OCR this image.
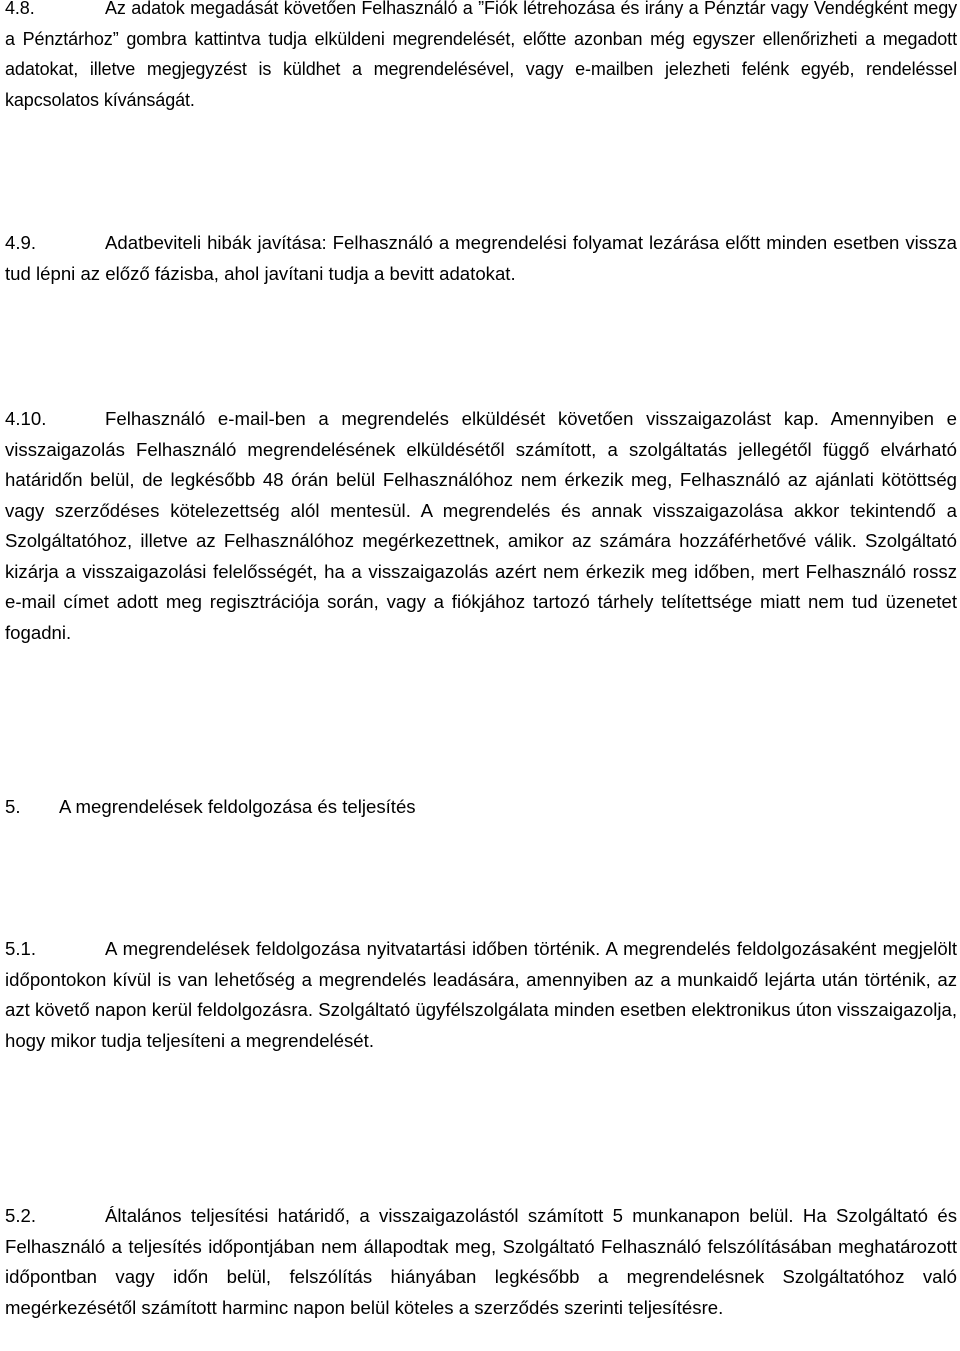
4.8.	Az adatok megadását követően Felhasználó a ”Fiók létrehozása és irány a Pénztár vagy Vendégként megy a Pénztárhoz” gombra kattintva tudja elküldeni megrendelését, előtte azonban még egyszer ellenőrizheti a megadott adatokat, illetve megjegyzést is küldhet a megrendelésével, vagy e-mailben jelezheti felénk egyéb, rendeléssel kapcsolatos kívánságát.

4.9.	Adatbeviteli hibák javítása: Felhasználó a megrendelési folyamat lezárása előtt minden esetben vissza tud lépni az előző fázisba, ahol javítani tudja a bevitt adatokat.

4.10.	Felhasználó e-mail-ben a megrendelés elküldését követően visszaigazolást kap. Amennyiben e visszaigazolás Felhasználó megrendelésének elküldésétől számított, a szolgáltatás jellegétől függő elvárható határidőn belül, de legkésőbb 48 órán belül Felhasználóhoz nem érkezik meg, Felhasználó az ajánlati kötöttség vagy szerződéses kötelezettség alól mentesül. A megrendelés és annak visszaigazolása akkor tekintendő a Szolgáltatóhoz, illetve az Felhasználóhoz megérkezettnek, amikor az számára hozzáférhetővé válik. Szolgáltató kizárja a visszaigazolási felelősségét, ha a visszaigazolás azért nem érkezik meg időben, mert Felhasználó rossz e-mail címet adott meg regisztrációja során, vagy a fiókjához tartozó tárhely telítettsége miatt nem tud üzenetet fogadni.

5. A megrendelések feldolgozása és teljesítés

5.1.	A megrendelések feldolgozása nyitvatartási időben történik. A megrendelés feldolgozásaként megjelölt időpontokon kívül is van lehetőség a megrendelés leadására, amennyiben az a munkaidő lejárta után történik, az azt követő napon kerül feldolgozásra. Szolgáltató ügyfélszolgálata minden esetben elektronikus úton visszaigazolja, hogy mikor tudja teljesíteni a megrendelését.

5.2.	Általános teljesítési határidő, a visszaigazolástól számított 5 munkanapon belül. Ha Szolgáltató és Felhasználó a teljesítés időpontjában nem állapodtak meg, Szolgáltató Felhasználó felszólításában meghatározott időpontban vagy időn belül, felszólítás hiányában legkésőbb a megrendelésnek Szolgáltatóhoz való megérkezésétől számított harminc napon belül köteles a szerződés szerinti teljesítésre.
